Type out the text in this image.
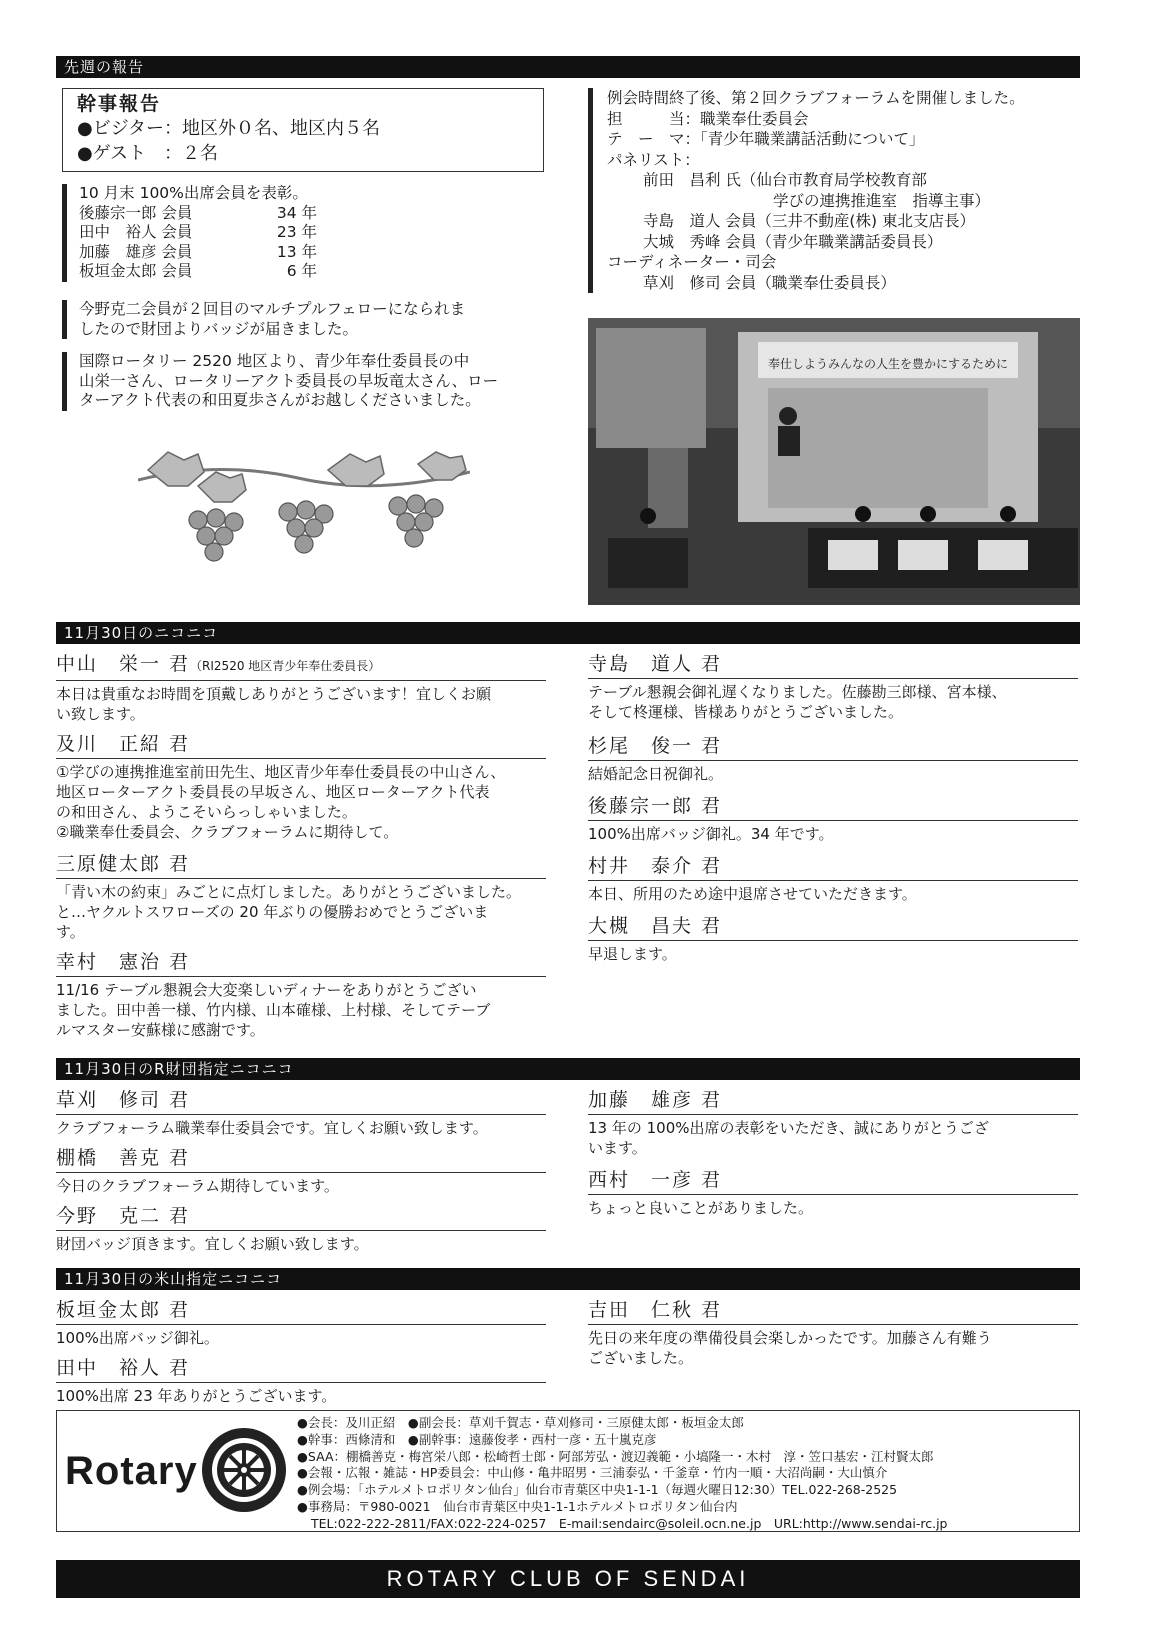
先週の報告
幹事報告
●ビジター：地区外０名、地区内５名
●ゲスト　：２名
10 月末 100%出席会員を表彰。
後藤宗一郎 会員	34 年
田中　裕人 会員	23 年
加藤　雄彦 会員	13 年
板垣金太郎 会員	6 年
今野克二会員が２回目のマルチプルフェローになられま
したので財団よりバッジが届きました。
国際ロータリー 2520 地区より、青少年奉仕委員長の中
山栄一さん、ロータリーアクト委員長の早坂竜太さん、ロー
ターアクト代表の和田夏歩さんがお越しくださいました。
例会時間終了後、第２回クラブフォーラムを開催しました。
担　　　当：職業奉仕委員会
テ　ー　マ：「青少年職業講話活動について」
パネリスト：
前田　昌利 氏（仙台市教育局学校教育部
学びの連携推進室　指導主事）
寺島　道人 会員（三井不動産(株) 東北支店長）
大城　秀峰 会員（青少年職業講話委員長）
コーディネーター・司会
草刈　修司 会員（職業奉仕委員長）
奉仕しようみんなの人生を豊かにするために
11月30日のニコニコ
中山　栄一 君（RI2520 地区青少年奉仕委員長）
本日は貴重なお時間を頂戴しありがとうございます！宜しくお願
い致します。
及川　正紹 君
①学びの連携推進室前田先生、地区青少年奉仕委員長の中山さん、
地区ローターアクト委員長の早坂さん、地区ローターアクト代表
の和田さん、ようこそいらっしゃいました。
②職業奉仕委員会、クラブフォーラムに期待して。
三原健太郎 君
「青い木の約束」みごとに点灯しました。ありがとうございました。
と…ヤクルトスワローズの 20 年ぶりの優勝おめでとうございま
す。
幸村　憲治 君
11/16 テーブル懇親会大変楽しいディナーをありがとうござい
ました。田中善一様、竹内様、山本確様、上村様、そしてテーブ
ルマスター安蘇様に感謝です。
寺島　道人 君
テーブル懇親会御礼遅くなりました。佐藤勘三郎様、宮本様、
そして柊運様、皆様ありがとうございました。
杉尾　俊一 君
結婚記念日祝御礼。
後藤宗一郎 君
100%出席バッジ御礼。34 年です。
村井　泰介 君
本日、所用のため途中退席させていただきます。
大槻　昌夫 君
早退します。
11月30日のR財団指定ニコニコ
草刈　修司 君
クラブフォーラム職業奉仕委員会です。宜しくお願い致します。
棚橋　善克 君
今日のクラブフォーラム期待しています。
今野　克二 君
財団バッジ頂きます。宜しくお願い致します。
加藤　雄彦 君
13 年の 100%出席の表彰をいただき、誠にありがとうござ
います。
西村　一彦 君
ちょっと良いことがありました。
11月30日の米山指定ニコニコ
板垣金太郎 君
100%出席バッジ御礼。
田中　裕人 君
100%出席 23 年ありがとうございます。
吉田　仁秋 君
先日の来年度の準備役員会楽しかったです。加藤さん有難う
ございました。
Rotary
●会長：及川正紹　●副会長：草刈千賀志・草刈修司・三原健太郎・板垣金太郎
●幹事：西條清和　●副幹事：遠藤俊孝・西村一彦・五十嵐克彦
●SAA：棚橋善克・梅宮栄八郎・松崎哲士郎・阿部芳弘・渡辺義範・小塙隆一・木村　淳・笠口基宏・江村賢太郎
●会報・広報・雑誌・HP委員会：中山修・亀井昭男・三浦泰弘・千釜章・竹内一順・大沼尚嗣・大山慎介
●例会場：「ホテルメトロポリタン仙台」仙台市青葉区中央1-1-1（毎週火曜日12:30）TEL.022-268-2525
●事務局：〒980-0021　仙台市青葉区中央1-1-1ホテルメトロポリタン仙台内
TEL:022-222-2811/FAX:022-224-0257　E-mail:sendairc@soleil.ocn.ne.jp　URL:http://www.sendai-rc.jp
ROTARY CLUB OF SENDAI
